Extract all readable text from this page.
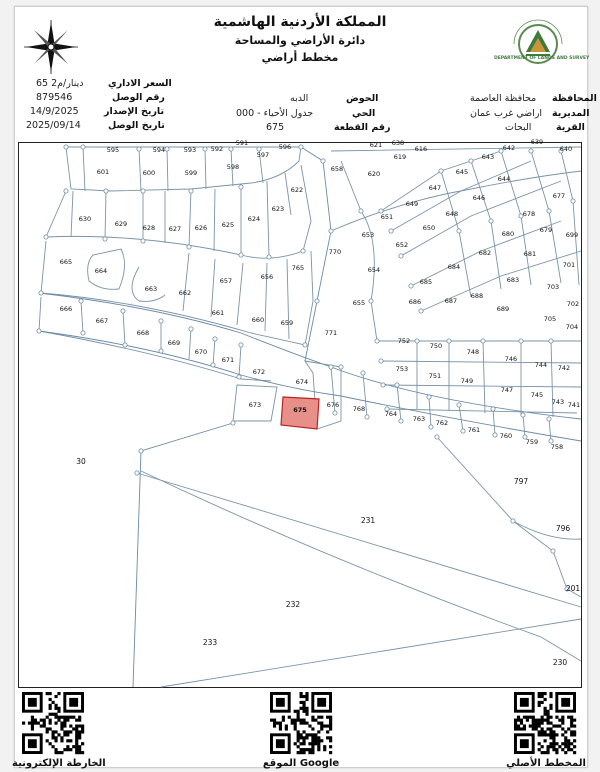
المملكة الأردنية الهاشمية
دائرة الأراضي والمساحة
مخطط أراضي	DEPARTMENT OF LANDS AND SURVEY
المحافظة
محافظة العاصمة
المديرية
اراضي غرب عمان
القرية
البحات
الحوض
الدبه
الحي
جدول الأحياء - 000
رقم القطعة
675
السعر الاداري
65 دينار/م2
رقم الوصل
879546
تاريخ الإصدار
14/9/2025
تاريخ الوصل
2025/09/14
595	594	593 592
591
597
596	638
621	616	642
639
640
619
601	600	599
598	658
620
643
645
644
622	647
677
630
629 628 627 626 625
624
623
649
651	648
646
678
650
653
652
680	679
699
770
665
664	765	654	684
682	681
701
663	662
657	656
685	683
703
666
655	686	687
688
702
661	689
705
667	660	659
771
704
668
669
670
671
752
750
748
746
744 742
672	753
751
749
747
674
673	676 768
764
745
743 741
675
763 762
761
760
759
758
30
797
231
796
201
232
233
230
الخارطة الإلكترونية	الموقع Google	المخطط الأصلي
